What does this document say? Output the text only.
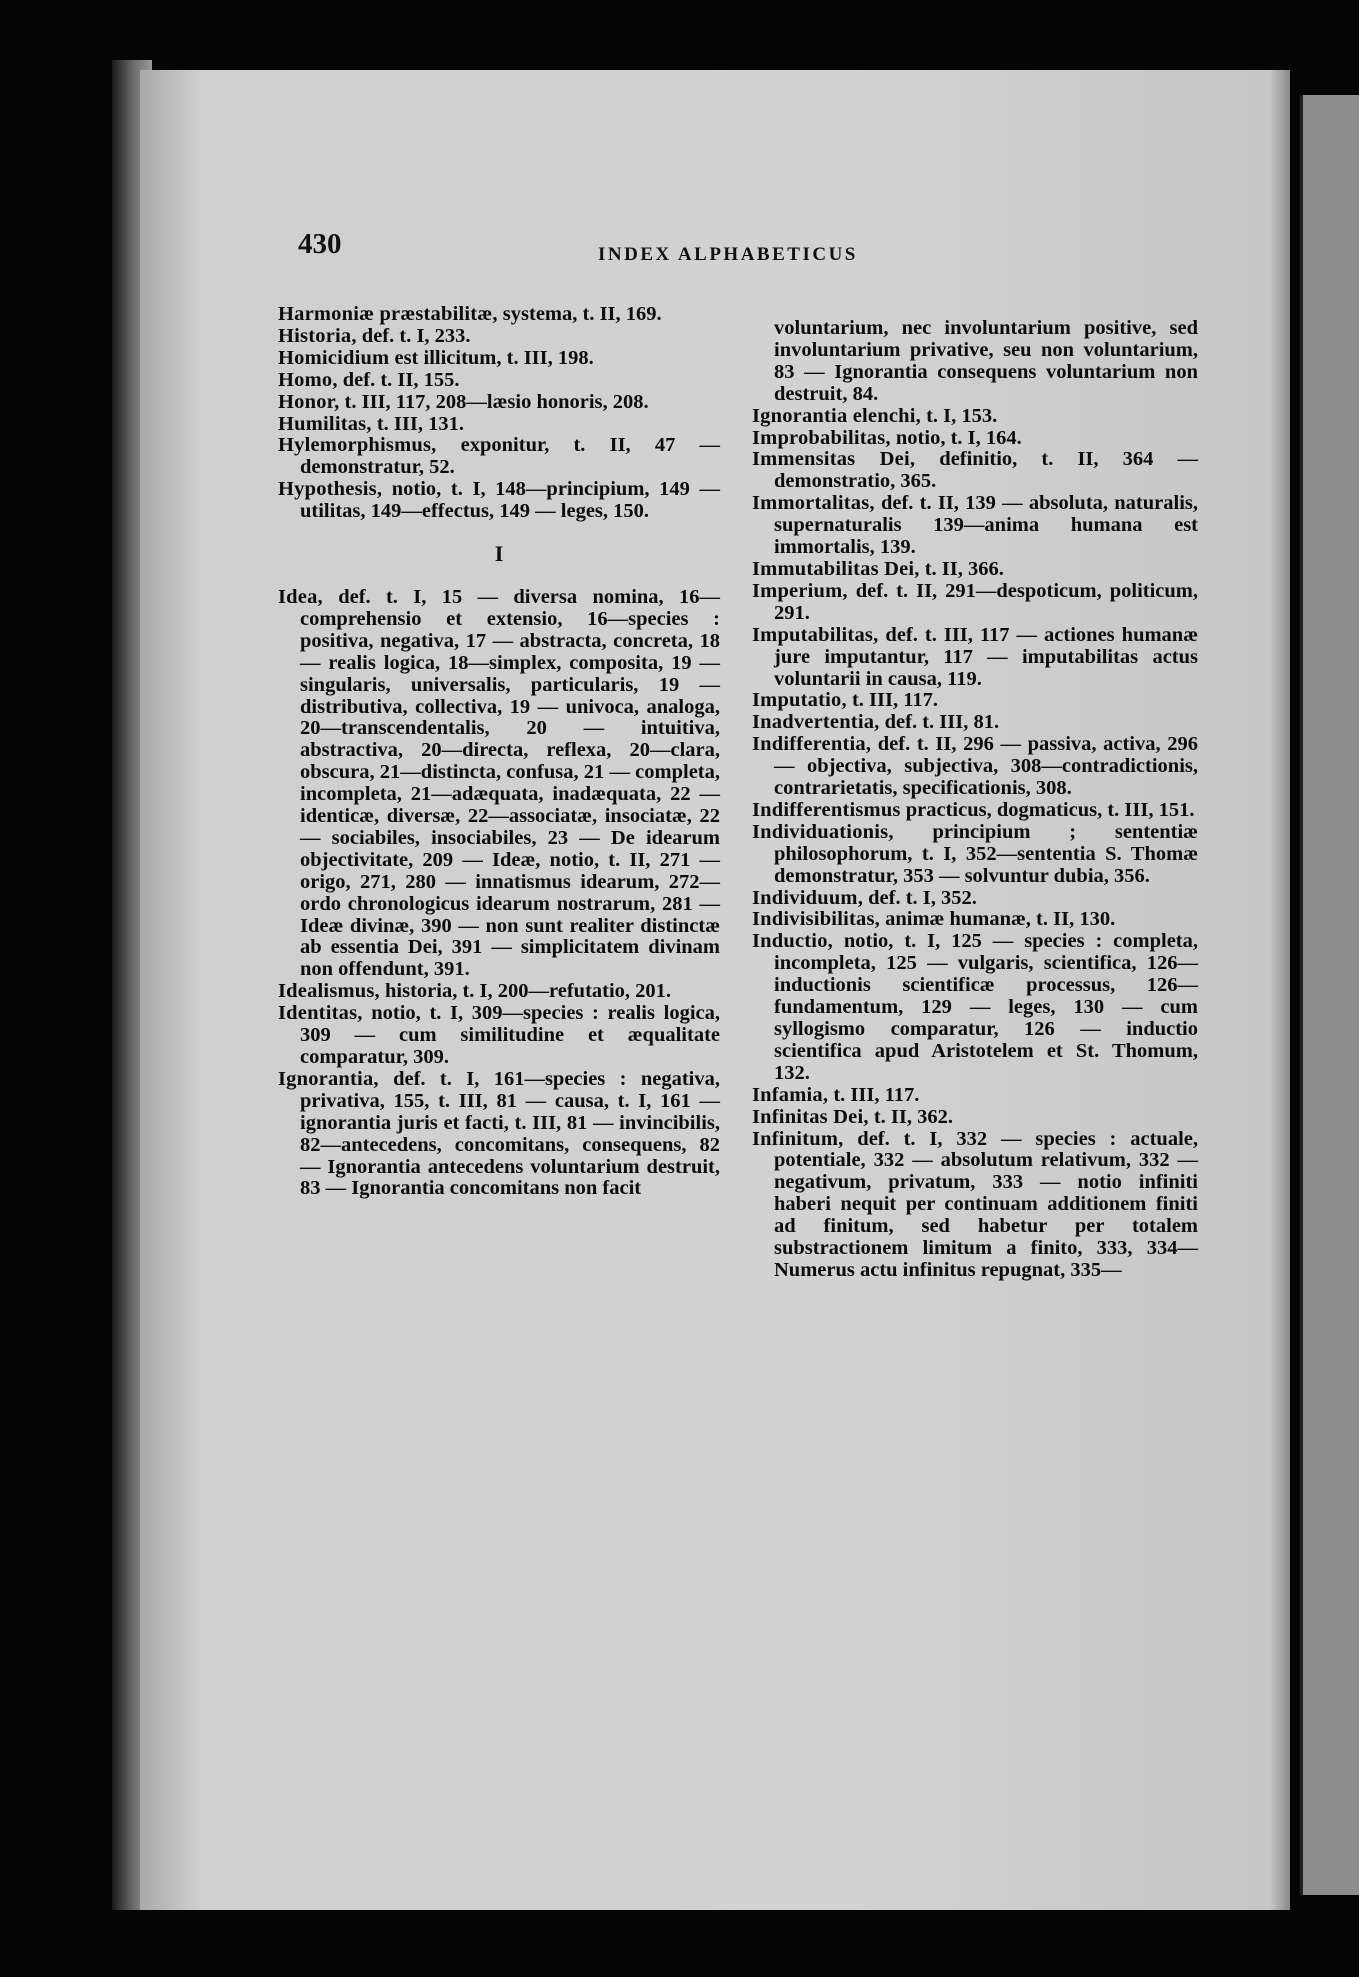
430	INDEX ALPHABETICUS

Harmoniæ præstabilitæ, systema, t. II, 169.

Historia, def. t. I, 233.

Homicidium est illicitum, t. III, 198.

Homo, def. t. II, 155.

Honor, t. III, 117, 208—læsio honoris, 208.

Humilitas, t. III, 131.

Hylemorphismus, exponitur, t. II, 47 — demonstratur, 52.

Hypothesis, notio, t. I, 148—principium, 149 — utilitas, 149—effectus, 149 — leges, 150.

I

Idea, def. t. I, 15 — diversa nomina, 16—comprehensio et extensio, 16—species : positiva, negativa, 17 — abstracta, concreta, 18 — realis logica, 18—simplex, composita, 19 —singularis, universalis, particularis, 19 — distributiva, collectiva, 19 — univoca, analoga, 20—transcendentalis, 20 — intuitiva, abstractiva, 20—directa, reflexa, 20—clara, obscura, 21—distincta, confusa, 21 — completa, incompleta, 21—adæquata, inadæquata, 22 — identicæ, diversæ, 22—associatæ, insociatæ, 22 — sociabiles, insociabiles, 23 — De idearum objectivitate, 209 — Ideæ, notio, t. II, 271 — origo, 271, 280 — innatismus idearum, 272—ordo chronologicus idearum nostrarum, 281 — Ideæ divinæ, 390 — non sunt realiter distinctæ ab essentia Dei, 391 — simplicitatem divinam non offendunt, 391.

Idealismus, historia, t. I, 200—refutatio, 201.

Identitas, notio, t. I, 309—species : realis logica, 309 — cum similitudine et æqualitate comparatur, 309.

Ignorantia, def. t. I, 161—species : negativa, privativa, 155, t. III, 81 — causa, t. I, 161 — ignorantia juris et facti, t. III, 81 — invincibilis, 82—antecedens, concomitans, consequens, 82 — Ignorantia antecedens voluntarium destruit, 83 — Ignorantia concomitans non facit

voluntarium, nec involuntarium positive, sed involuntarium privative, seu non voluntarium, 83 — Ignorantia consequens voluntarium non destruit, 84.

Ignorantia elenchi, t. I, 153.

Improbabilitas, notio, t. I, 164.

Immensitas Dei, definitio, t. II, 364 — demonstratio, 365.

Immortalitas, def. t. II, 139 — absoluta, naturalis, supernaturalis 139—anima humana est immortalis, 139.

Immutabilitas Dei, t. II, 366.

Imperium, def. t. II, 291—despoticum, politicum, 291.

Imputabilitas, def. t. III, 117 — actiones humanæ jure imputantur, 117 — imputabilitas actus voluntarii in causa, 119.

Imputatio, t. III, 117.

Inadvertentia, def. t. III, 81.

Indifferentia, def. t. II, 296 — passiva, activa, 296 — objectiva, subjectiva, 308—contradictionis, contrarietatis, specificationis, 308.

Indifferentismus practicus, dogmaticus, t. III, 151.

Individuationis, principium ; sententiæ philosophorum, t. I, 352—sententia S. Thomæ demonstratur, 353 — solvuntur dubia, 356.

Individuum, def. t. I, 352.

Indivisibilitas, animæ humanæ, t. II, 130.

Inductio, notio, t. I, 125 — species : completa, incompleta, 125 — vulgaris, scientifica, 126—inductionis scientificæ processus, 126—fundamentum, 129 — leges, 130 — cum syllogismo comparatur, 126 — inductio scientifica apud Aristotelem et St. Thomum, 132.

Infamia, t. III, 117.

Infinitas Dei, t. II, 362.

Infinitum, def. t. I, 332 — species : actuale, potentiale, 332 — absolutum relativum, 332 — negativum, privatum, 333 — notio infiniti haberi nequit per continuam additionem finiti ad finitum, sed habetur per totalem substractionem limitum a finito, 333, 334—Numerus actu infinitus repugnat, 335—
